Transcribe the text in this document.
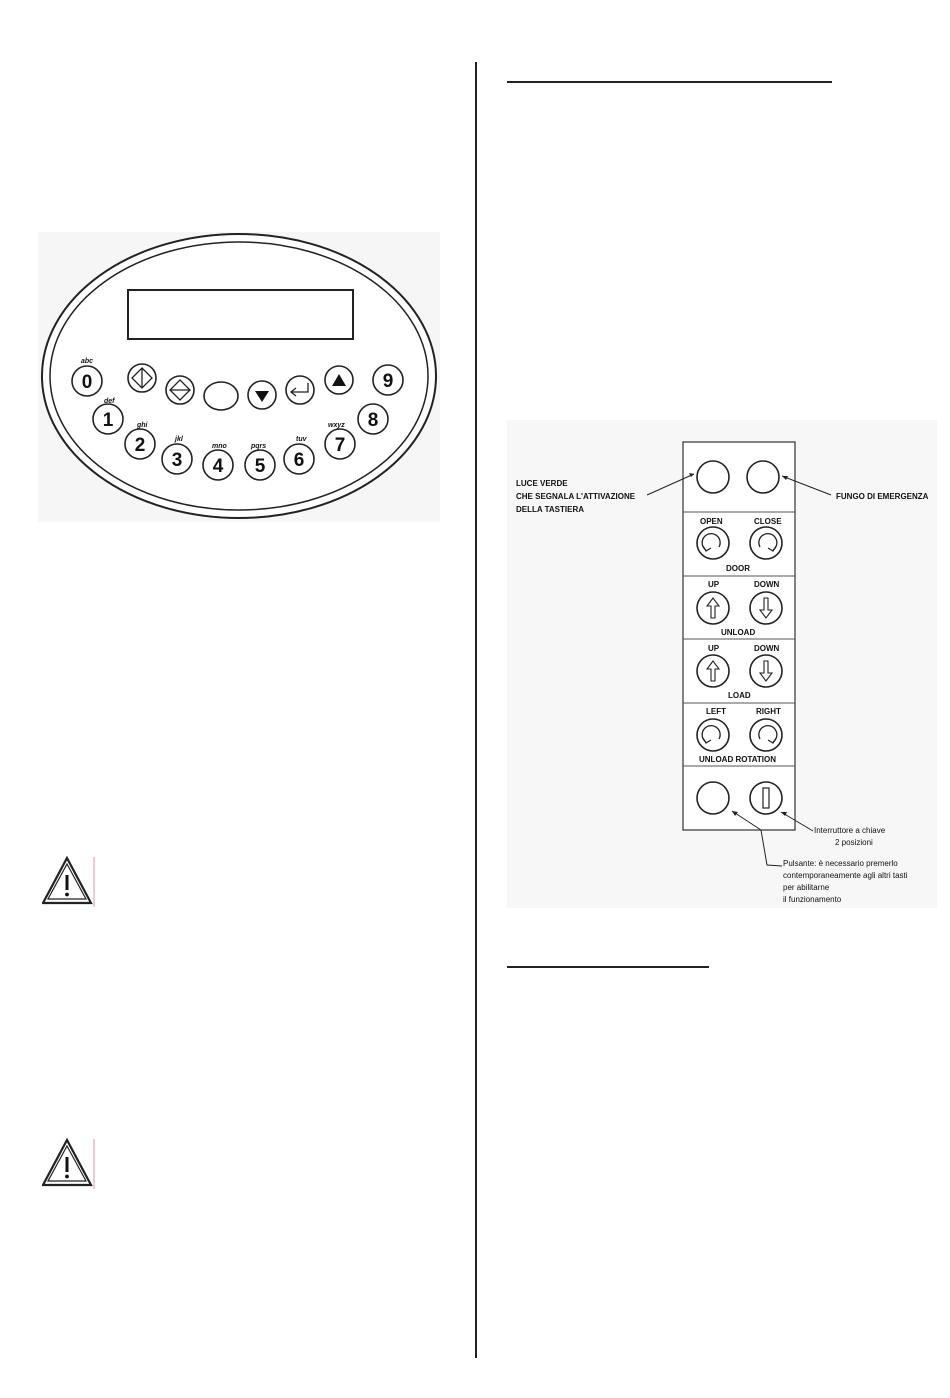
0
1
2
3 4 5 6
7
8
9
abc
def
ghi
jkl
mno	pqrs
tuv
wxyz
LUCE VERDE
CHE SEGNALA L'ATTIVAZIONE
DELLA TASTIERA
FUNGO DI EMERGENZA
OPEN	CLOSE
DOOR
UP	DOWN
UNLOAD
UP	DOWN
LOAD
LEFT	RIGHT
UNLOAD ROTATION
Interruttore a chiave
2 posizioni
Pulsante: è necessario premerlo
contemporaneamente agli altri tasti
per abilitarne
il funzionamento
